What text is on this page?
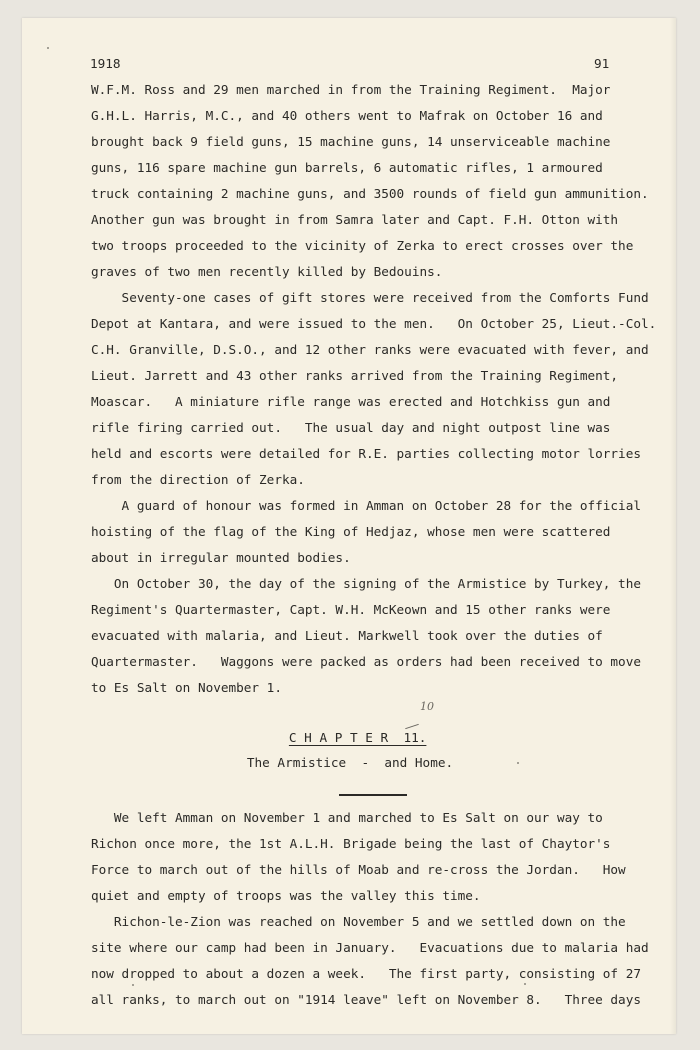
1918	91
W.F.M. Ross and 29 men marched in from the Training Regiment.  Major
G.H.L. Harris, M.C., and 40 others went to Mafrak on October 16 and
brought back 9 field guns, 15 machine guns, 14 unserviceable machine
guns, 116 spare machine gun barrels, 6 automatic rifles, 1 armoured
truck containing 2 machine guns, and 3500 rounds of field gun ammunition.
Another gun was brought in from Samra later and Capt. F.H. Otton with
two troops proceeded to the vicinity of Zerka to erect crosses over the
graves of two men recently killed by Bedouins.
Seventy-one cases of gift stores were received from the Comforts Fund
Depot at Kantara, and were issued to the men.   On October 25, Lieut.-Col.
C.H. Granville, D.S.O., and 12 other ranks were evacuated with fever, and
Lieut. Jarrett and 43 other ranks arrived from the Training Regiment,
Moascar.   A miniature rifle range was erected and Hotchkiss gun and
rifle firing carried out.   The usual day and night outpost line was
held and escorts were detailed for R.E. parties collecting motor lorries
from the direction of Zerka.
A guard of honour was formed in Amman on October 28 for the official
hoisting of the flag of the King of Hedjaz, whose men were scattered
about in irregular mounted bodies.
On October 30, the day of the signing of the Armistice by Turkey, the
Regiment's Quartermaster, Capt. W.H. McKeown and 15 other ranks were
evacuated with malaria, and Lieut. Markwell took over the duties of
Quartermaster.   Waggons were packed as orders had been received to move
to Es Salt on November 1.
We left Amman on November 1 and marched to Es Salt on our way to
Richon once more, the 1st A.L.H. Brigade being the last of Chaytor's
Force to march out of the hills of Moab and re-cross the Jordan.   How
quiet and empty of troops was the valley this time.
Richon-le-Zion was reached on November 5 and we settled down on the
site where our camp had been in January.   Evacuations due to malaria had
now dropped to about a dozen a week.   The first party, consisting of 27
all ranks, to march out on "1914 leave" left on November 8.   Three days

C H A P T E R  11.

10
The Armistice  -  and Home.
